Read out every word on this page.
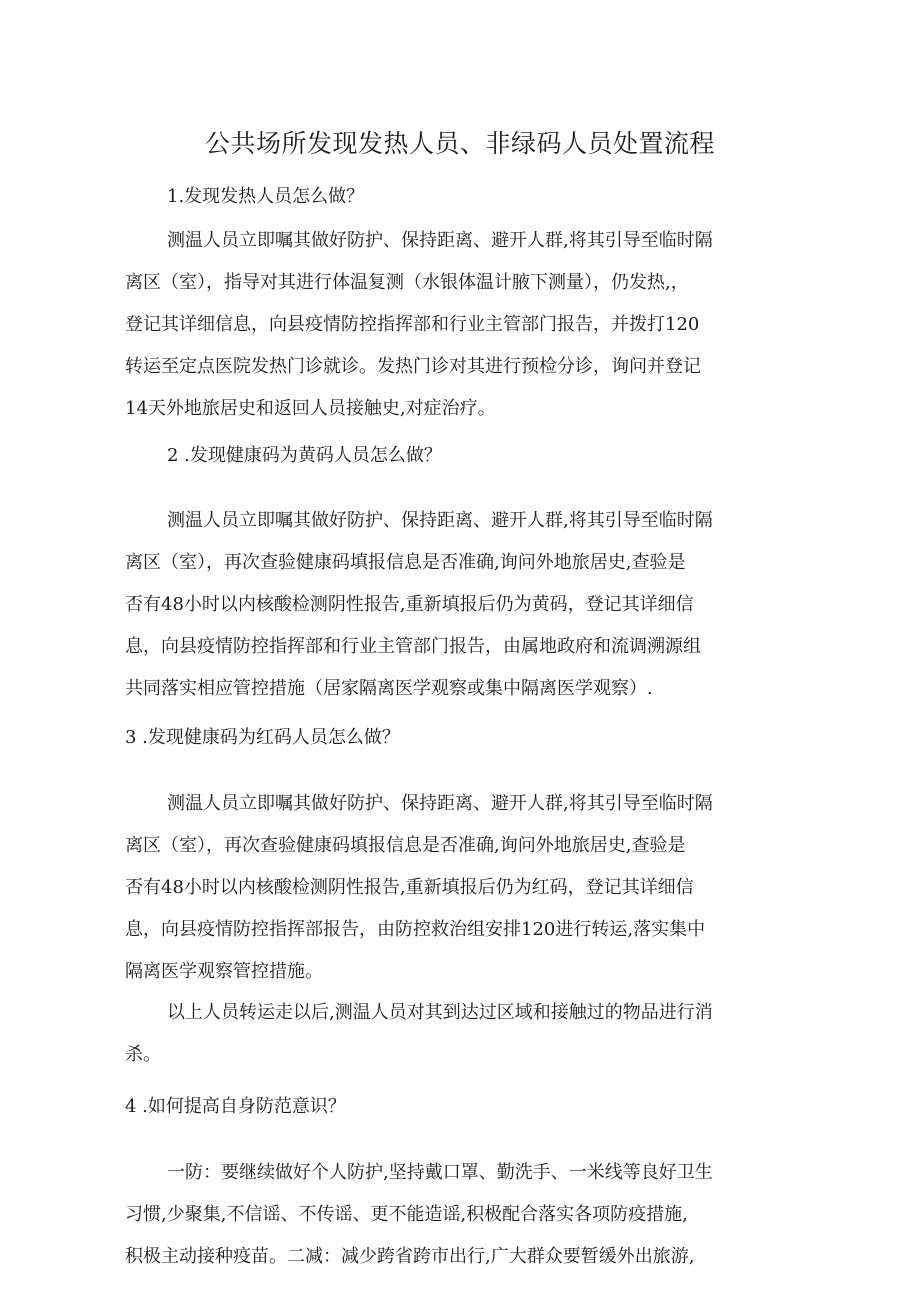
公共场所发现发热人员、非绿码人员处置流程

1.发现发热人员怎么做？

测温人员立即嘱其做好防护、保持距离、避开人群,将其引导至临时隔
离区（室），指导对其进行体温复测（水银体温计腋下测量），仍发热,，
登记其详细信息，向县疫情防控指挥部和行业主管部门报告，并拨打120
转运至定点医院发热门诊就诊。发热门诊对其进行预检分诊，询问并登记
14天外地旅居史和返回人员接触史,对症治疗。

2 .发现健康码为黄码人员怎么做？

测温人员立即嘱其做好防护、保持距离、避开人群,将其引导至临时隔
离区（室），再次查验健康码填报信息是否准确,询问外地旅居史,查验是
否有48小时以内核酸检测阴性报告,重新填报后仍为黄码，登记其详细信
息，向县疫情防控指挥部和行业主管部门报告，由属地政府和流调溯源组
共同落实相应管控措施（居家隔离医学观察或集中隔离医学观察）.

3 .发现健康码为红码人员怎么做？

测温人员立即嘱其做好防护、保持距离、避开人群,将其引导至临时隔
离区（室），再次查验健康码填报信息是否准确,询问外地旅居史,查验是
否有48小时以内核酸检测阴性报告,重新填报后仍为红码，登记其详细信
息，向县疫情防控指挥部报告，由防控救治组安排120进行转运,落实集中
隔离医学观察管控措施。
以上人员转运走以后,测温人员对其到达过区域和接触过的物品进行消
杀。

4 .如何提高自身防范意识？

一防：要继续做好个人防护,坚持戴口罩、勤洗手、一米线等良好卫生
习惯,少聚集,不信谣、不传谣、更不能造谣,积极配合落实各项防疫措施,
积极主动接种疫苗。二减：减少跨省跨市出行,广大群众要暂缓外出旅游,
